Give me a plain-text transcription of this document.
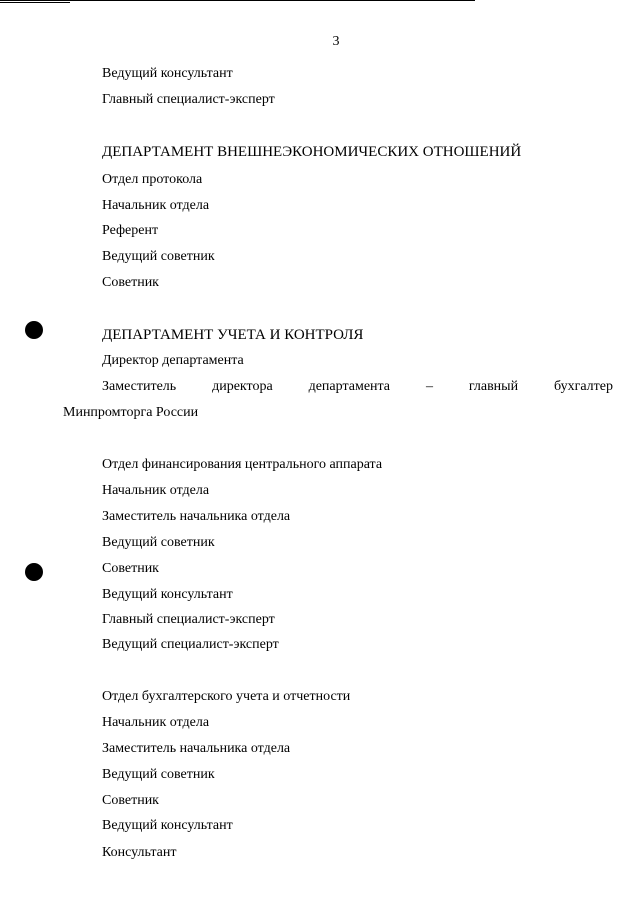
3
Ведущий консультант
Главный специалист-эксперт
ДЕПАРТАМЕНТ ВНЕШНЕЭКОНОМИЧЕСКИХ ОТНОШЕНИЙ
Отдел протокола
Начальник отдела
Референт
Ведущий советник
Советник
ДЕПАРТАМЕНТ УЧЕТА И КОНТРОЛЯ
Директор департамента
Заместитель	директора	департамента	–	главный	бухгалтер
Минпромторга России
Отдел финансирования центрального аппарата
Начальник отдела
Заместитель начальника отдела
Ведущий советник
Советник
Ведущий консультант
Главный специалист-эксперт
Ведущий специалист-эксперт
Отдел бухгалтерского учета и отчетности
Начальник отдела
Заместитель начальника отдела
Ведущий советник
Советник
Ведущий консультант
Консультант
